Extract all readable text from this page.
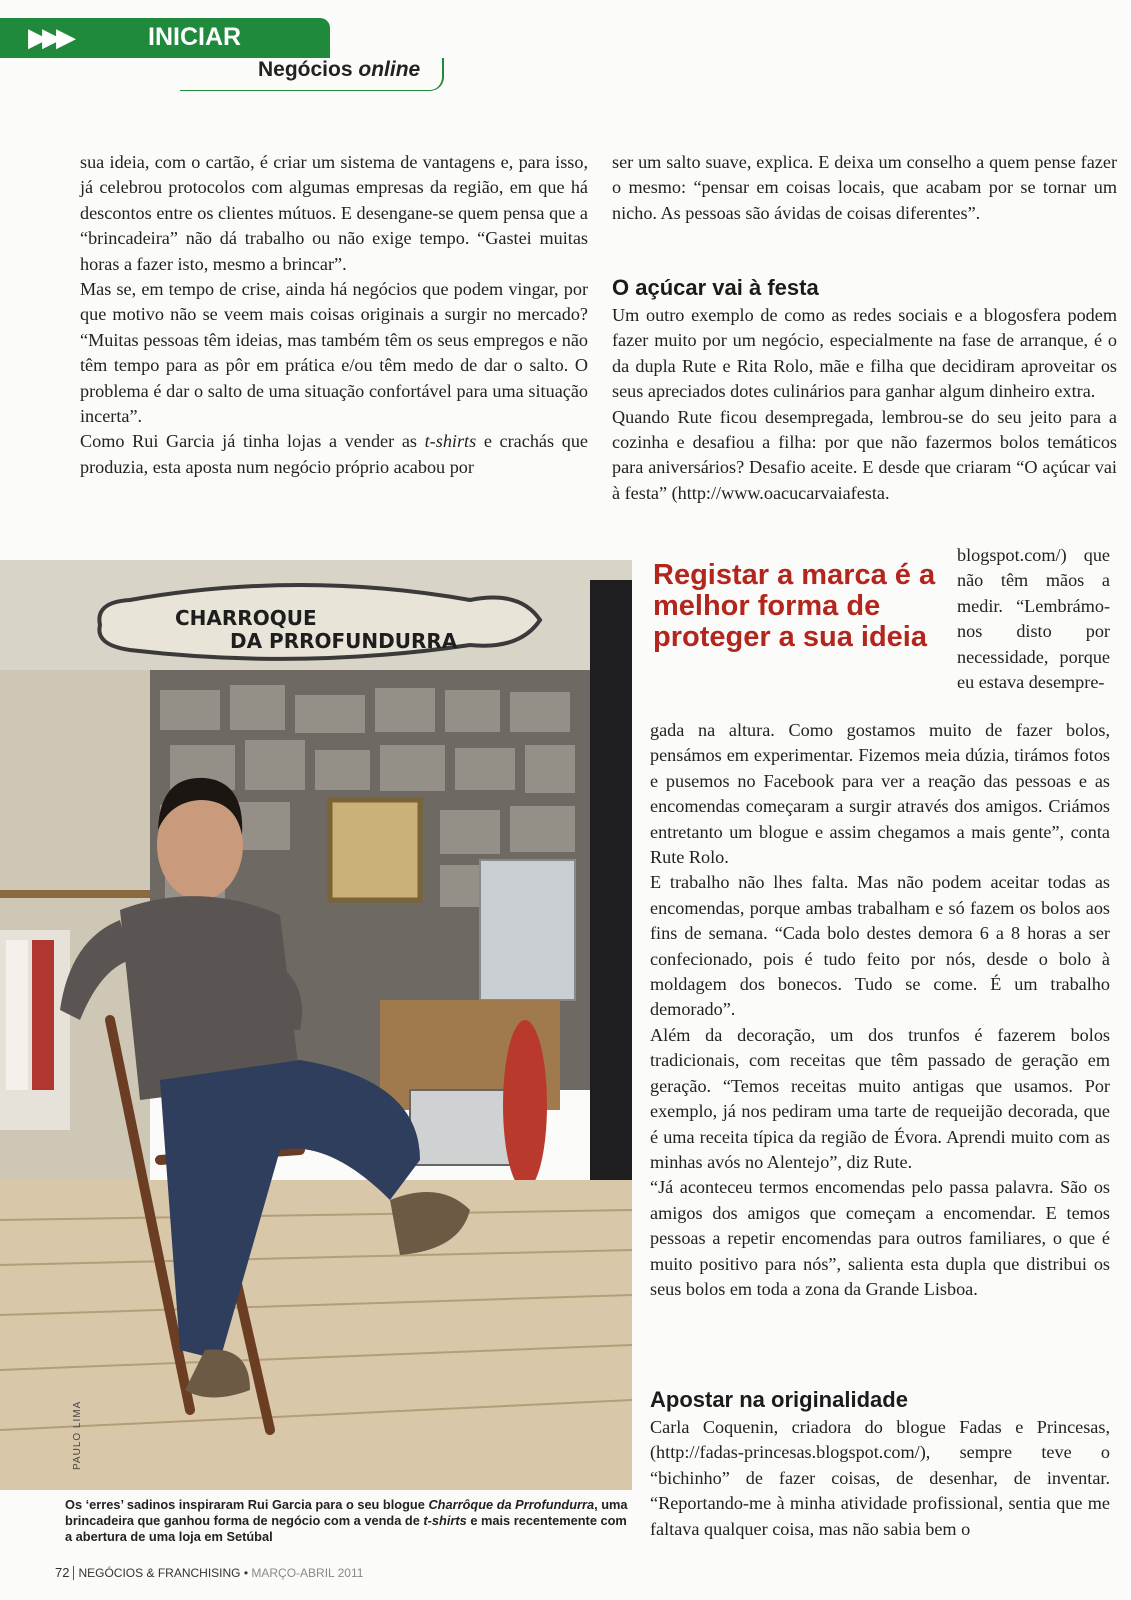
▶▶▶	INICIAR
Negócios online

sua ideia, com o cartão, é criar um sistema de vantagens e, para isso, já celebrou protocolos com algumas empresas da região, em que há descontos entre os clientes mútuos. E desengane-se quem pensa que a “brincadeira” não dá trabalho ou não exige tempo. “Gastei muitas horas a fazer isto, mesmo a brincar”.

Mas se, em tempo de crise, ainda há negócios que podem vingar, por que motivo não se veem mais coisas originais a surgir no mercado? “Muitas pessoas têm ideias, mas também têm os seus empregos e não têm tempo para as pôr em prática e/ou têm medo de dar o salto. O problema é dar o salto de uma situação confortável para uma situação incerta”.

Como Rui Garcia já tinha lojas a vender as t-shirts e crachás que produzia, esta aposta num negócio próprio acabou por

ser um salto suave, explica. E deixa um conselho a quem pense fazer o mesmo: “pensar em coisas locais, que acabam por se tornar um nicho. As pessoas são ávidas de coisas diferentes”.

O açúcar vai à festa

Um outro exemplo de como as redes sociais e a blogosfera podem fazer muito por um negócio, especialmente na fase de arranque, é o da dupla Rute e Rita Rolo, mãe e filha que decidiram aproveitar os seus apreciados dotes culinários para ganhar algum dinheiro extra.

Quando Rute ficou desempregada, lembrou-se do seu jeito para a cozinha e desafiou a filha: por que não fazermos bolos temáticos para aniversários? Desafio aceite. E desde que criaram “O açúcar vai à festa” (http://www.oacucarvaiafesta.

Registar a marca é a melhor forma de proteger a sua ideia

blogspot.com/) que não têm mãos a medir. “Lembrámo-nos disto por necessidade, porque eu estava desempre-

gada na altura. Como gostamos muito de fazer bolos, pensámos em experimentar. Fizemos meia dúzia, tirámos fotos e pusemos no Facebook para ver a reação das pessoas e as encomendas começaram a surgir através dos amigos. Criámos entretanto um blogue e assim chegamos a mais gente”, conta Rute Rolo.

E trabalho não lhes falta. Mas não podem aceitar todas as encomendas, porque ambas trabalham e só fazem os bolos aos fins de semana. “Cada bolo destes demora 6 a 8 horas a ser confecionado, pois é tudo feito por nós, desde o bolo à moldagem dos bonecos. Tudo se come. É um trabalho demorado”.

Além da decoração, um dos trunfos é fazerem bolos tradicionais, com receitas que têm passado de geração em geração. “Temos receitas muito antigas que usamos. Por exemplo, já nos pediram uma tarte de requeijão decorada, que é uma receita típica da região de Évora. Aprendi muito com as minhas avós no Alentejo”, diz Rute.

“Já aconteceu termos encomendas pelo passa palavra. São os amigos dos amigos que começam a encomendar. E temos pessoas a repetir encomendas para outros familiares, o que é muito positivo para nós”, salienta esta dupla que distribui os seus bolos em toda a zona da Grande Lisboa.

Apostar na originalidade

Carla Coquenin, criadora do blogue Fadas e Princesas, (http://fadas-princesas.blogspot.com/), sempre teve o “bichinho” de fazer coisas, de desenhar, de inventar. “Reportando-me à minha atividade profissional, sentia que me faltava qualquer coisa, mas não sabia bem o

CHARROQUE
DA PRROFUNDURRA
PAULO LIMA
Os ‘erres’ sadinos inspiraram Rui Garcia para o seu blogue Charrôque da Prrofundurra, uma brincadeira que ganhou forma de negócio com a venda de t-shirts e mais recentemente com a abertura de uma loja em Setúbal
72 NEGÓCIOS & FRANCHISING • MARÇO-ABRIL 2011
